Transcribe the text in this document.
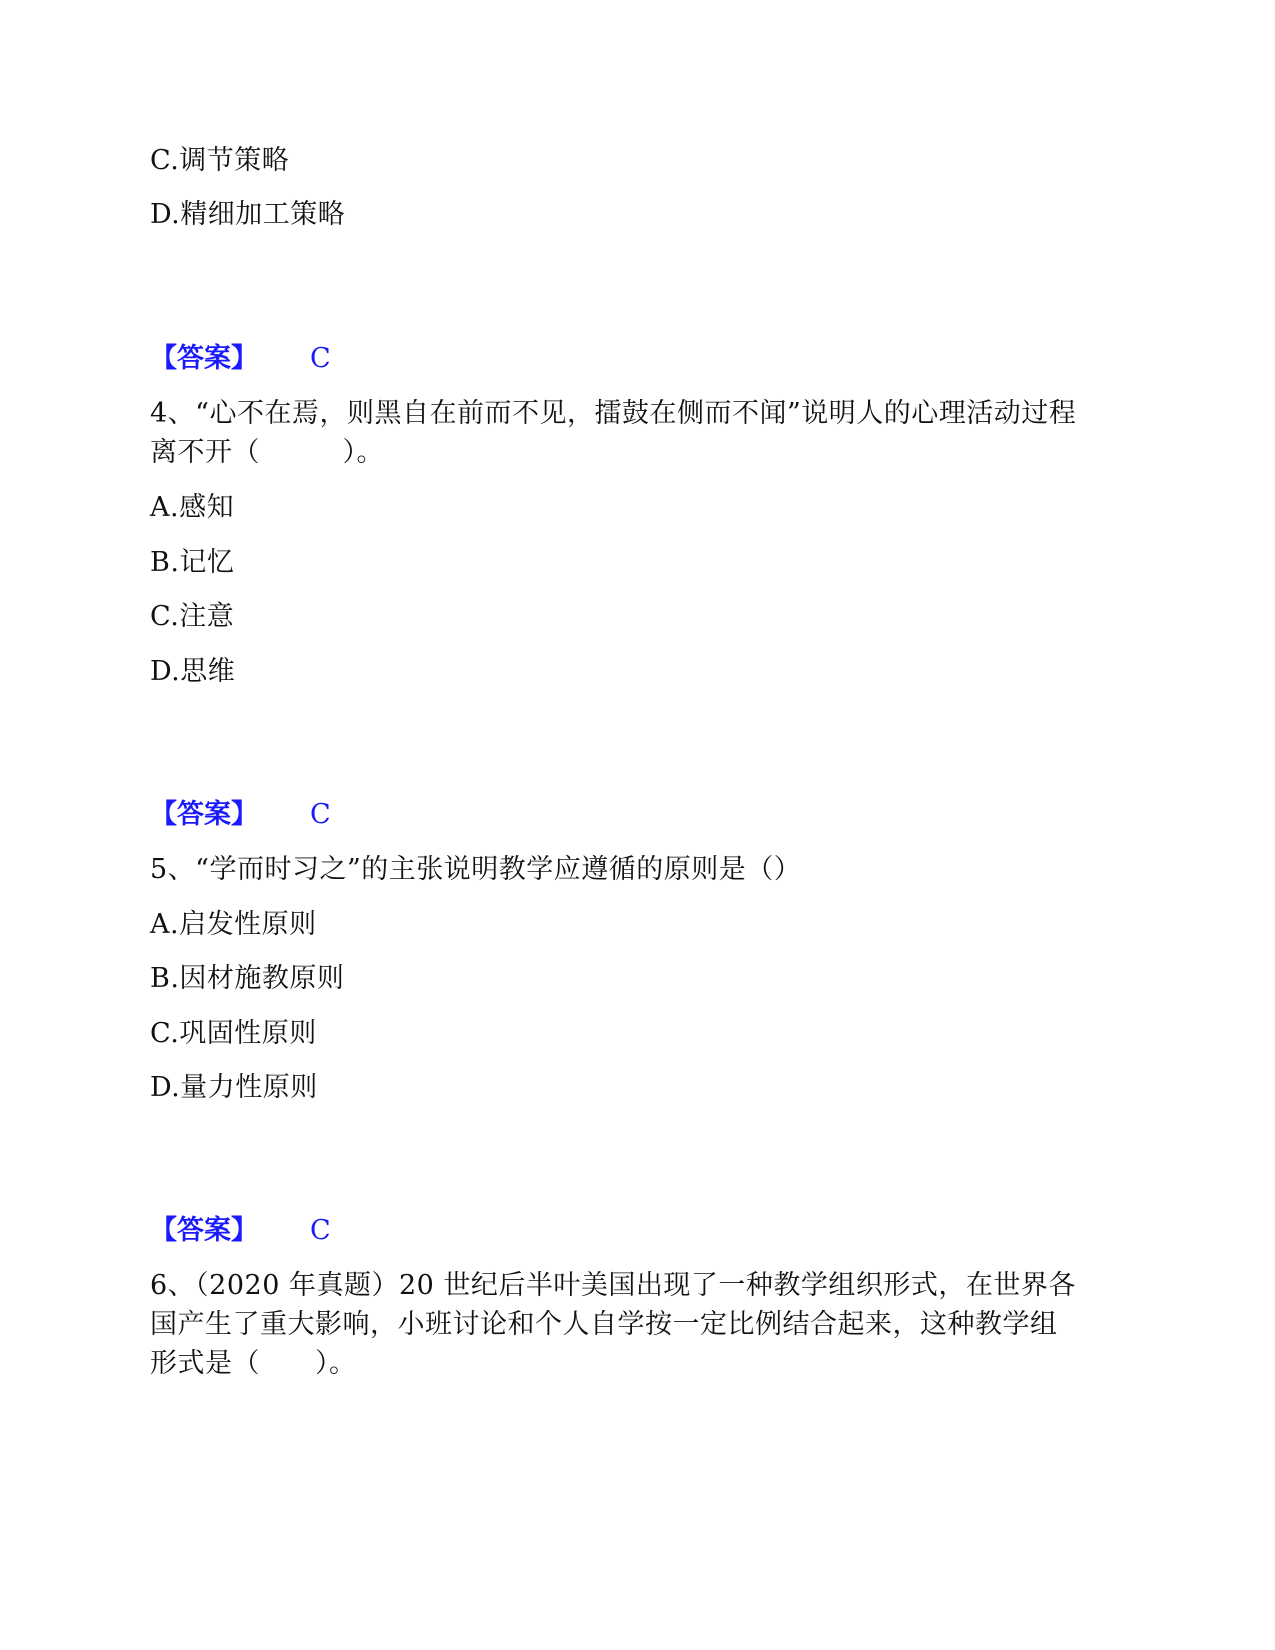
C.调节策略
D.精细加工策略
【答案】 C
4、“心不在焉，则黑自在前而不见，擂鼓在侧而不闻”说明人的心理活动过程
离不开（　　　）。
A.感知
B.记忆
C.注意
D.思维
【答案】 C
5、“学而时习之”的主张说明教学应遵循的原则是（）
A.启发性原则
B.因材施教原则
C.巩固性原则
D.量力性原则
【答案】 C
6、（2020 年真题）20 世纪后半叶美国出现了一种教学组织形式，在世界各
国产生了重大影响，小班讨论和个人自学按一定比例结合起来，这种教学组
形式是（　　）。
